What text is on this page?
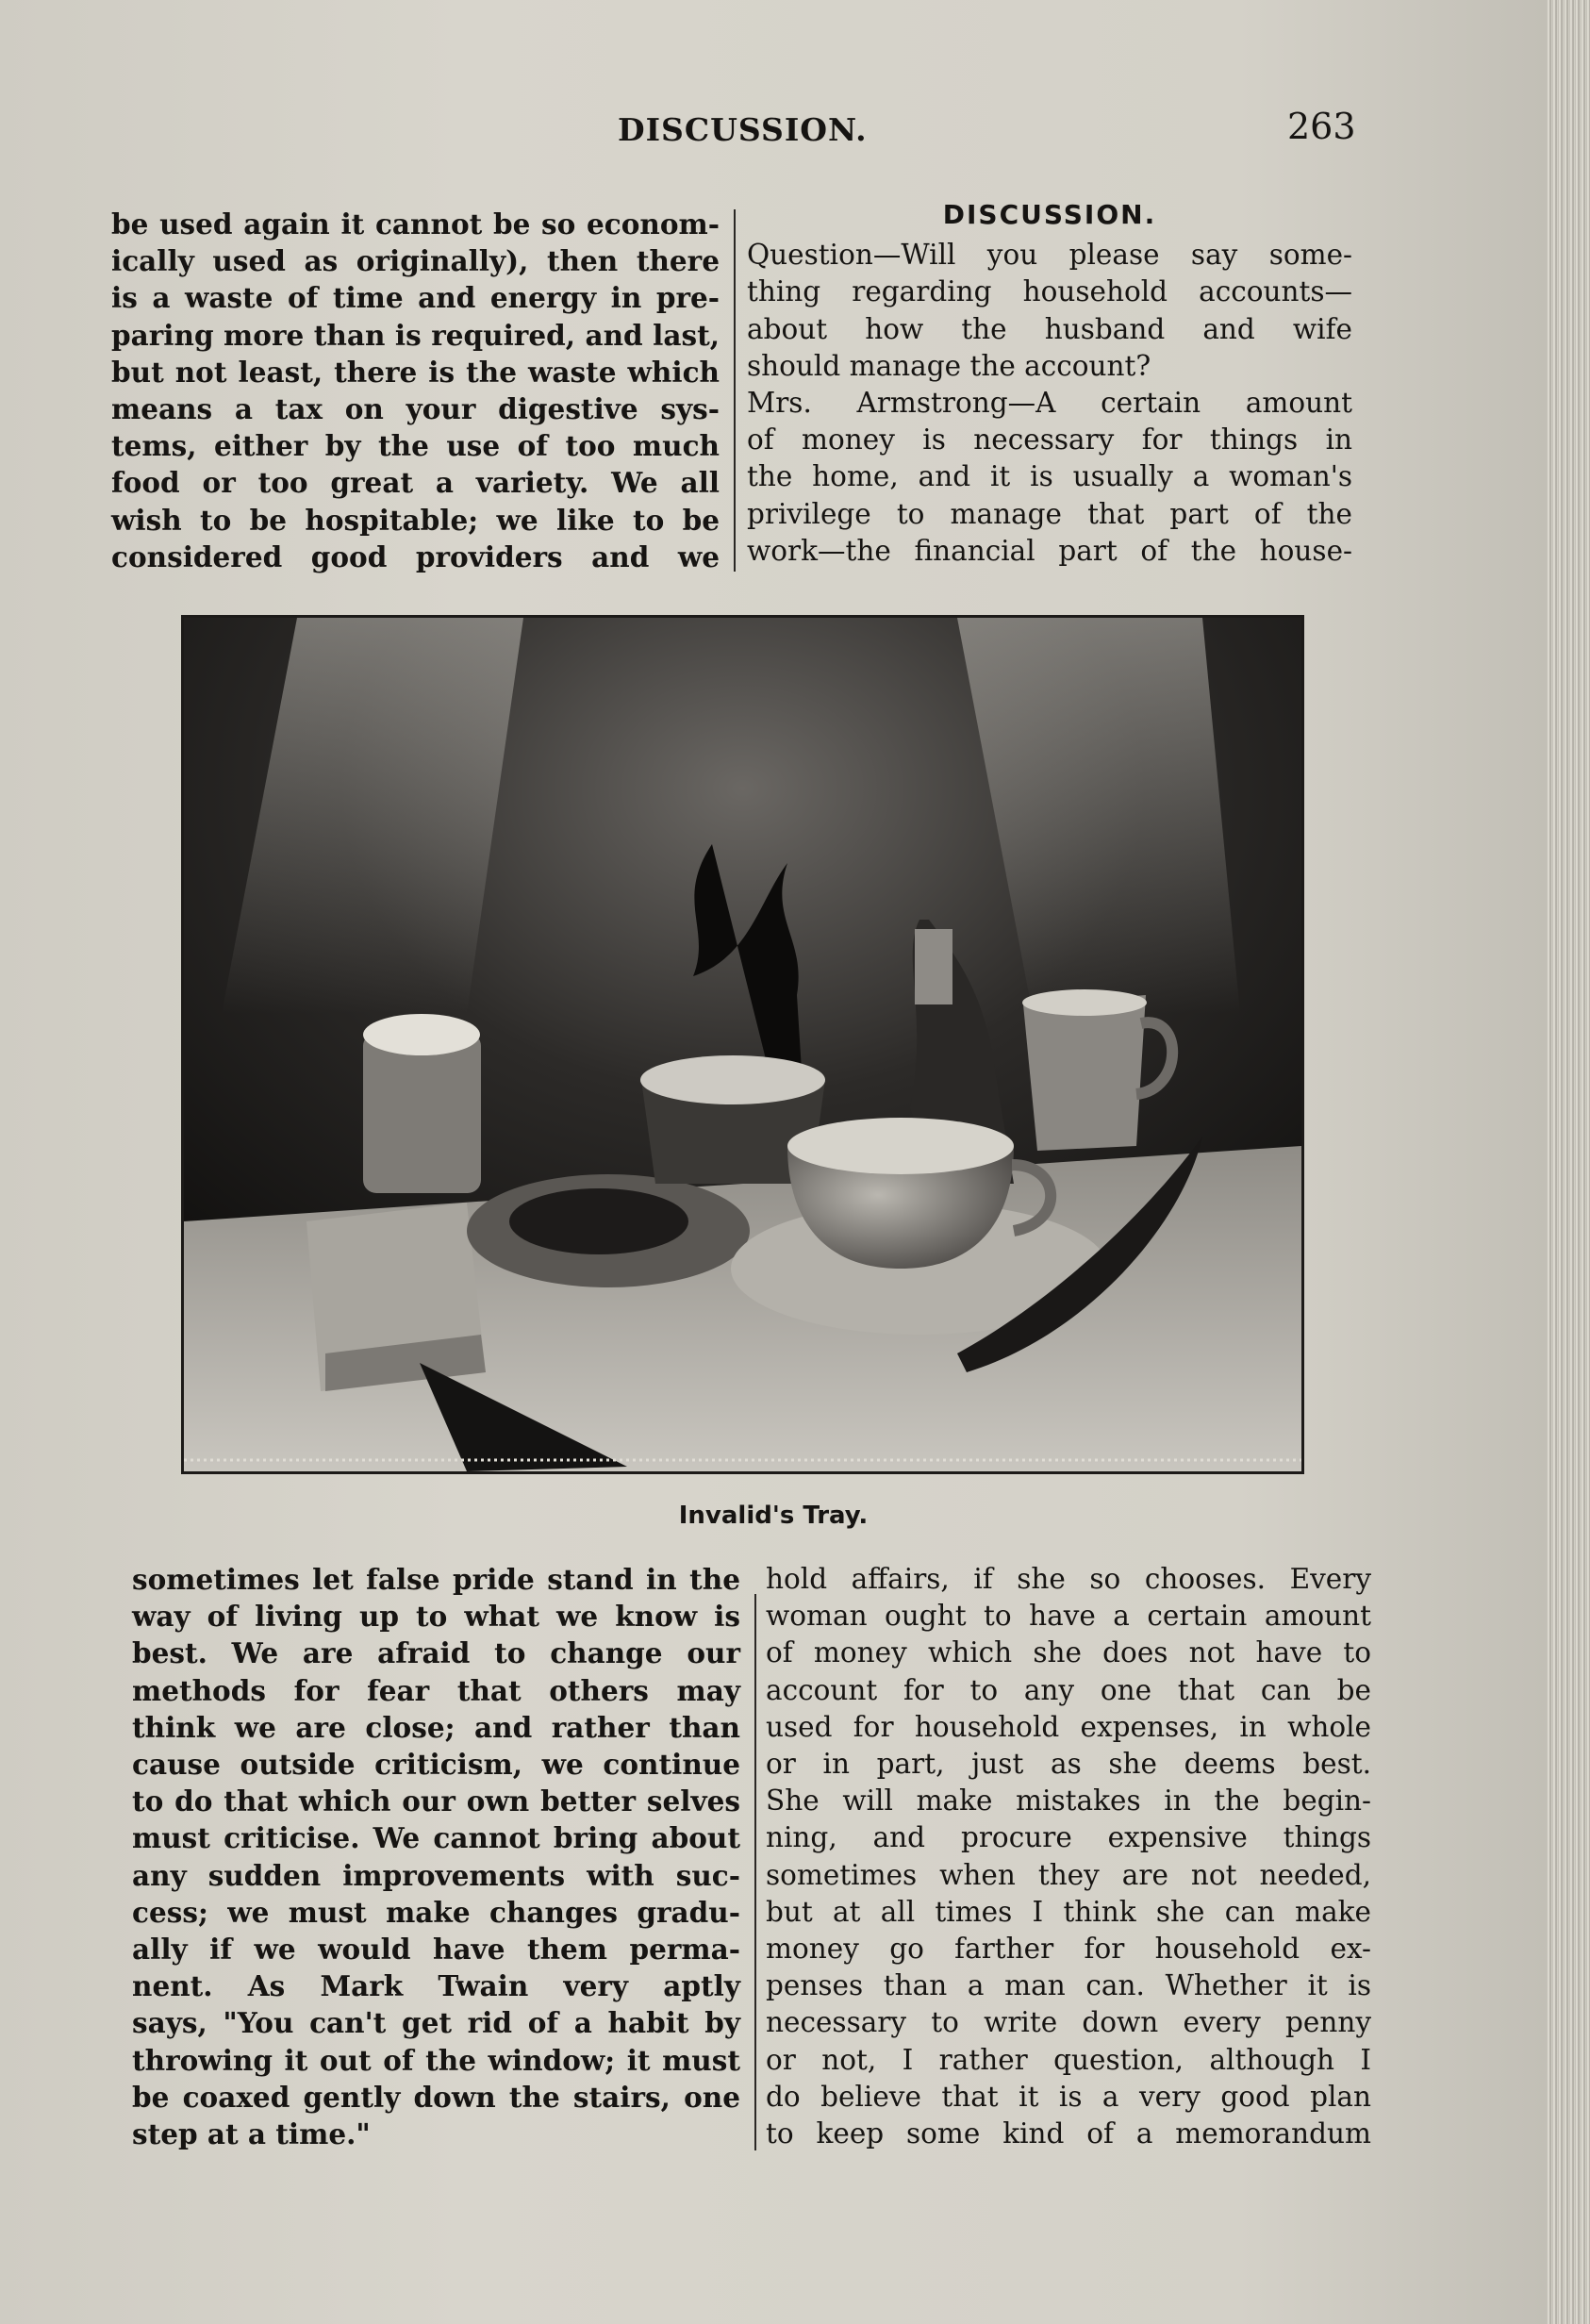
DISCUSSION.	263
be used again it cannot be so econom-
ically used as originally), then there
is a waste of time and energy in pre-
paring more than is required, and last,
but not least, there is the waste which
means a tax on your digestive sys-
tems, either by the use of too much
food or too great a variety. We all
wish to be hospitable; we like to be
considered good providers and we
DISCUSSION.
Question—Will you please say some-
thing regarding household accounts—
about how the husband and wife
should manage the account?
Mrs. Armstrong—A certain amount
of money is necessary for things in
the home, and it is usually a woman's
privilege to manage that part of the
work—the financial part of the house-
Invalid's Tray.
sometimes let false pride stand in the
way of living up to what we know is
best. We are afraid to change our
methods for fear that others may
think we are close; and rather than
cause outside criticism, we continue
to do that which our own better selves
must criticise. We cannot bring about
any sudden improvements with suc-
cess; we must make changes gradu-
ally if we would have them perma-
nent. As Mark Twain very aptly
says, "You can't get rid of a habit by
throwing it out of the window; it must
be coaxed gently down the stairs, one
step at a time."
hold affairs, if she so chooses. Every
woman ought to have a certain amount
of money which she does not have to
account for to any one that can be
used for household expenses, in whole
or in part, just as she deems best.
She will make mistakes in the begin-
ning, and procure expensive things
sometimes when they are not needed,
but at all times I think she can make
money go farther for household ex-
penses than a man can. Whether it is
necessary to write down every penny
or not, I rather question, although I
do believe that it is a very good plan
to keep some kind of a memorandum
